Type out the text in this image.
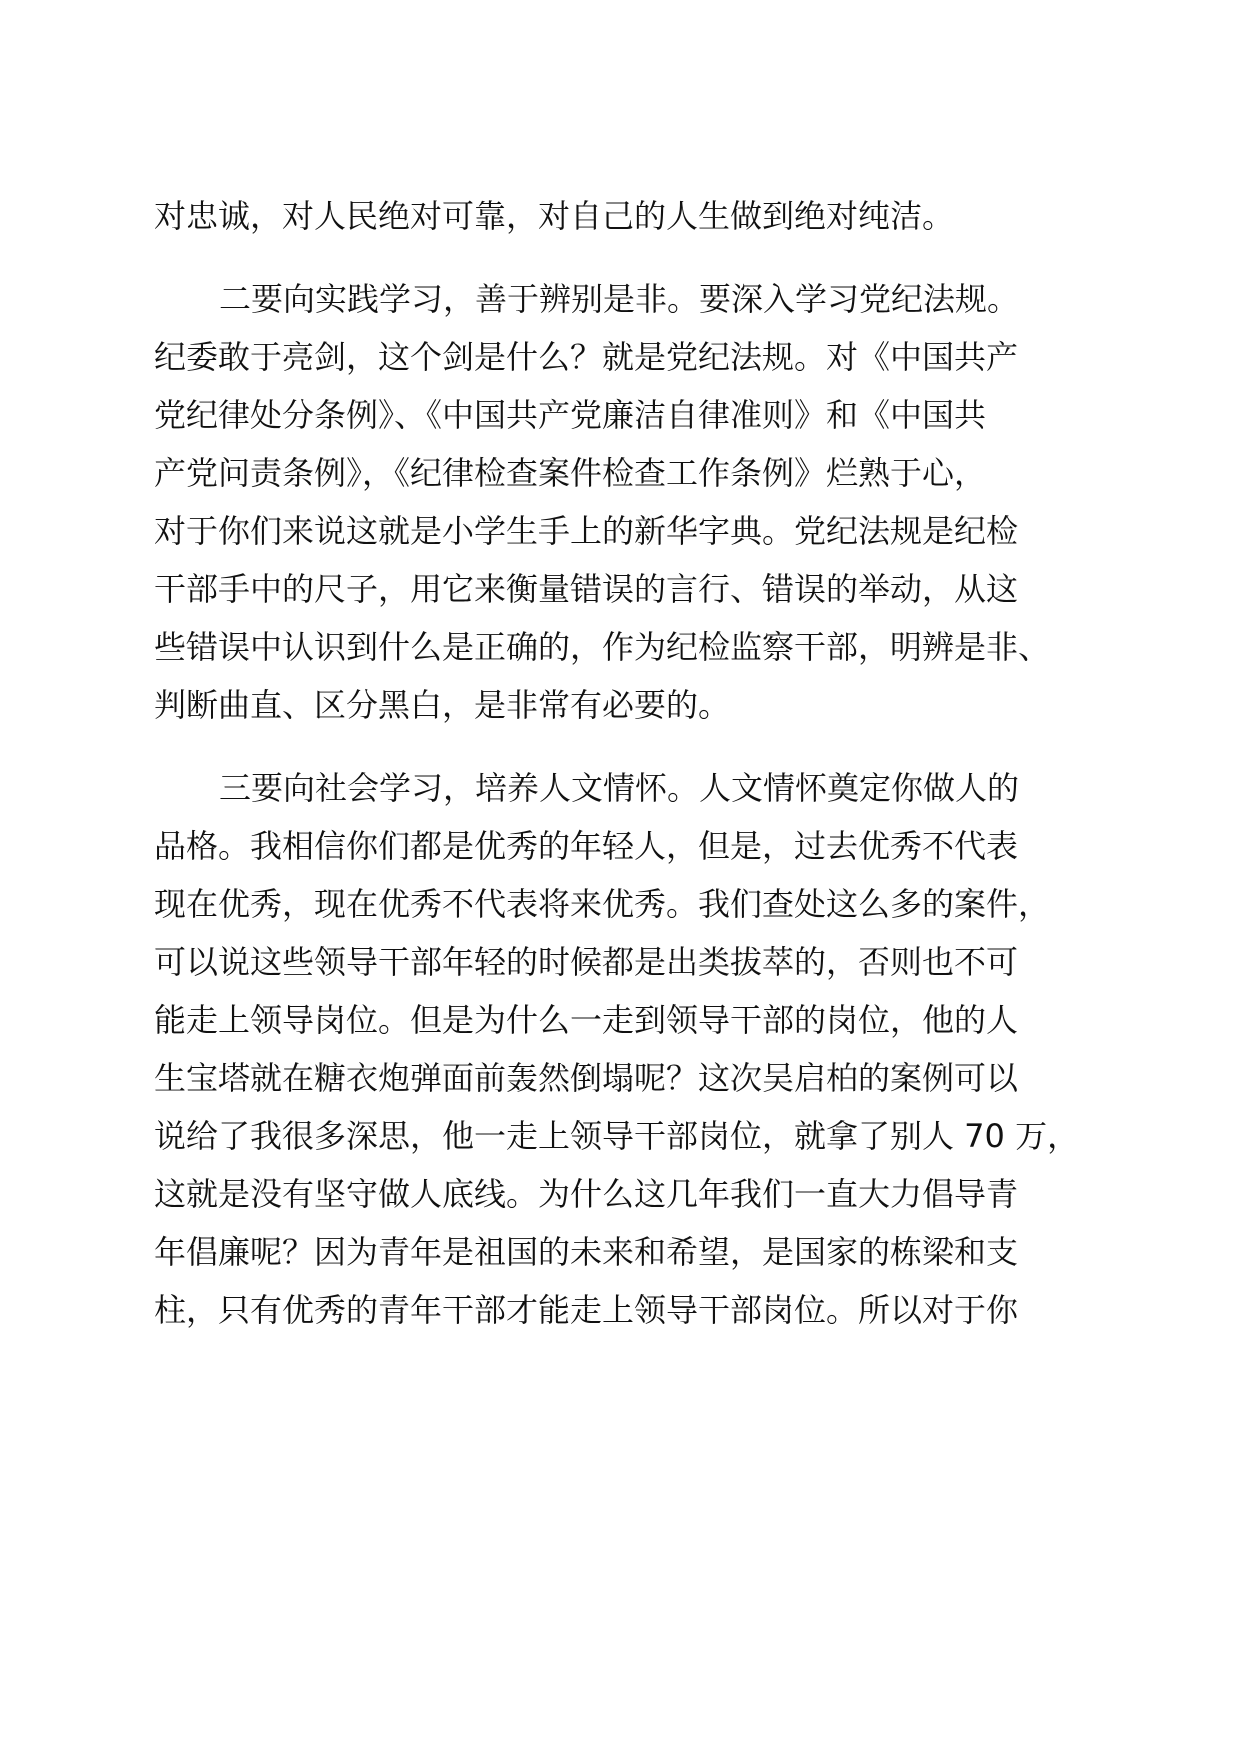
对忠诚，对人民绝对可靠，对自己的人生做到绝对纯洁。
二要向实践学习，善于辨别是非。要深入学习党纪法规。
纪委敢于亮剑，这个剑是什么？就是党纪法规。对《中国共产
党纪律处分条例》、《中国共产党廉洁自律准则》和《中国共
产党问责条例》，《纪律检查案件检查工作条例》烂熟于心，
对于你们来说这就是小学生手上的新华字典。党纪法规是纪检
干部手中的尺子，用它来衡量错误的言行、错误的举动，从这
些错误中认识到什么是正确的，作为纪检监察干部，明辨是非、
判断曲直、区分黑白，是非常有必要的。
三要向社会学习，培养人文情怀。人文情怀奠定你做人的
品格。我相信你们都是优秀的年轻人，但是，过去优秀不代表
现在优秀，现在优秀不代表将来优秀。我们查处这么多的案件，
可以说这些领导干部年轻的时候都是出类拔萃的，否则也不可
能走上领导岗位。但是为什么一走到领导干部的岗位，他的人
生宝塔就在糖衣炮弹面前轰然倒塌呢？这次吴启柏的案例可以
说给了我很多深思，他一走上领导干部岗位，就拿了别人 70 万，
这就是没有坚守做人底线。为什么这几年我们一直大力倡导青
年倡廉呢？因为青年是祖国的未来和希望，是国家的栋梁和支
柱，只有优秀的青年干部才能走上领导干部岗位。所以对于你
